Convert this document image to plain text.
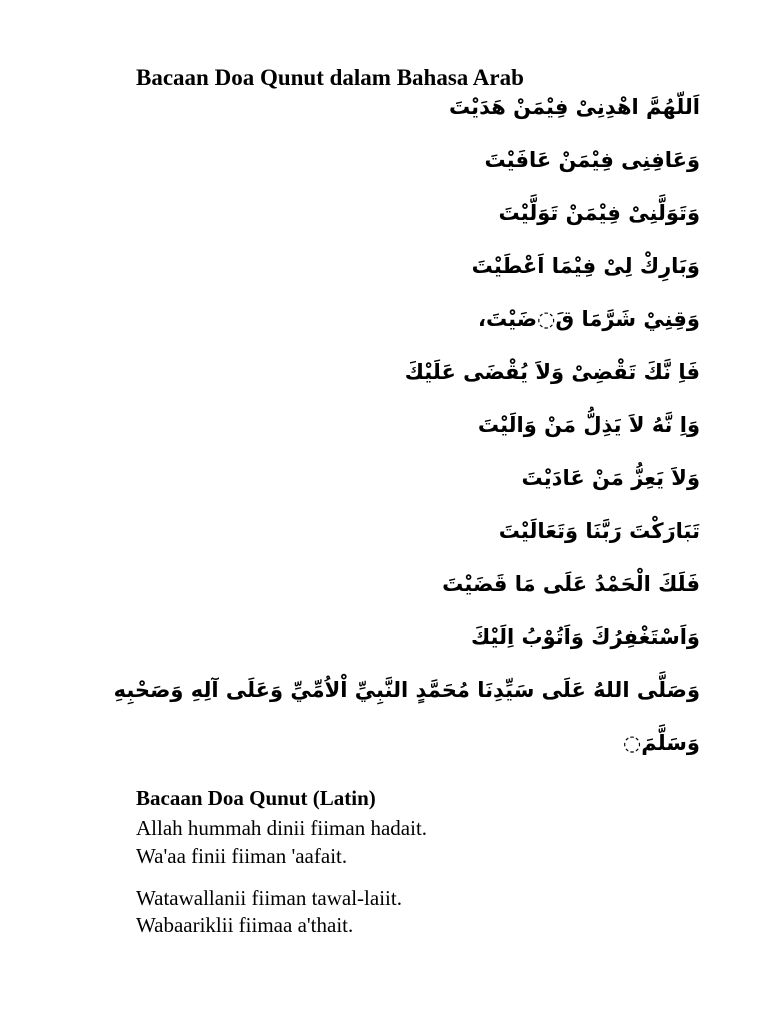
Bacaan Doa Qunut dalam Bahasa Arab
اَللّهُمَّ اهْدِنِىْ فِيْمَنْ هَدَيْتَ
وَعَافِنِى فِيْمَنْ عَافَيْتَ
وَتَوَلَّنِىْ فِيْمَنْ تَوَلَّيْتَ
وَبَارِكْ لِىْ فِيْمَا اَعْطَيْتَ
وَقِنِيْ شَرَّمَا قَ◌ضَيْتَ،
فَاِ نَّكَ تَقْضِىْ وَلاَ يُقْضَى عَلَيْكَ
وَاِ نَّهُ لاَ يَذِلُّ مَنْ وَالَيْتَ
وَلاَ يَعِزُّ مَنْ عَادَيْتَ
تَبَارَكْتَ رَبَّنَا وَتَعَالَيْتَ
فَلَكَ الْحَمْدُ عَلَى مَا قَضَيْتَ
وَاَسْتَغْفِرُكَ وَاَتُوْبُ اِلَيْكَ
وَصَلَّى اللهُ عَلَى سَيِّدِنَا مُحَمَّدٍ النَّبِيِّ اْلاُمِّيِّ وَعَلَى آلِهِ وَصَحْبِهِ
وَسَلَّمَ◌
Bacaan Doa Qunut (Latin)
Allah hummah dinii fiiman hadait.
Wa'aa finii fiiman 'aafait.
Watawallanii fiiman tawal-laiit.
Wabaariklii fiimaa a'thait.
